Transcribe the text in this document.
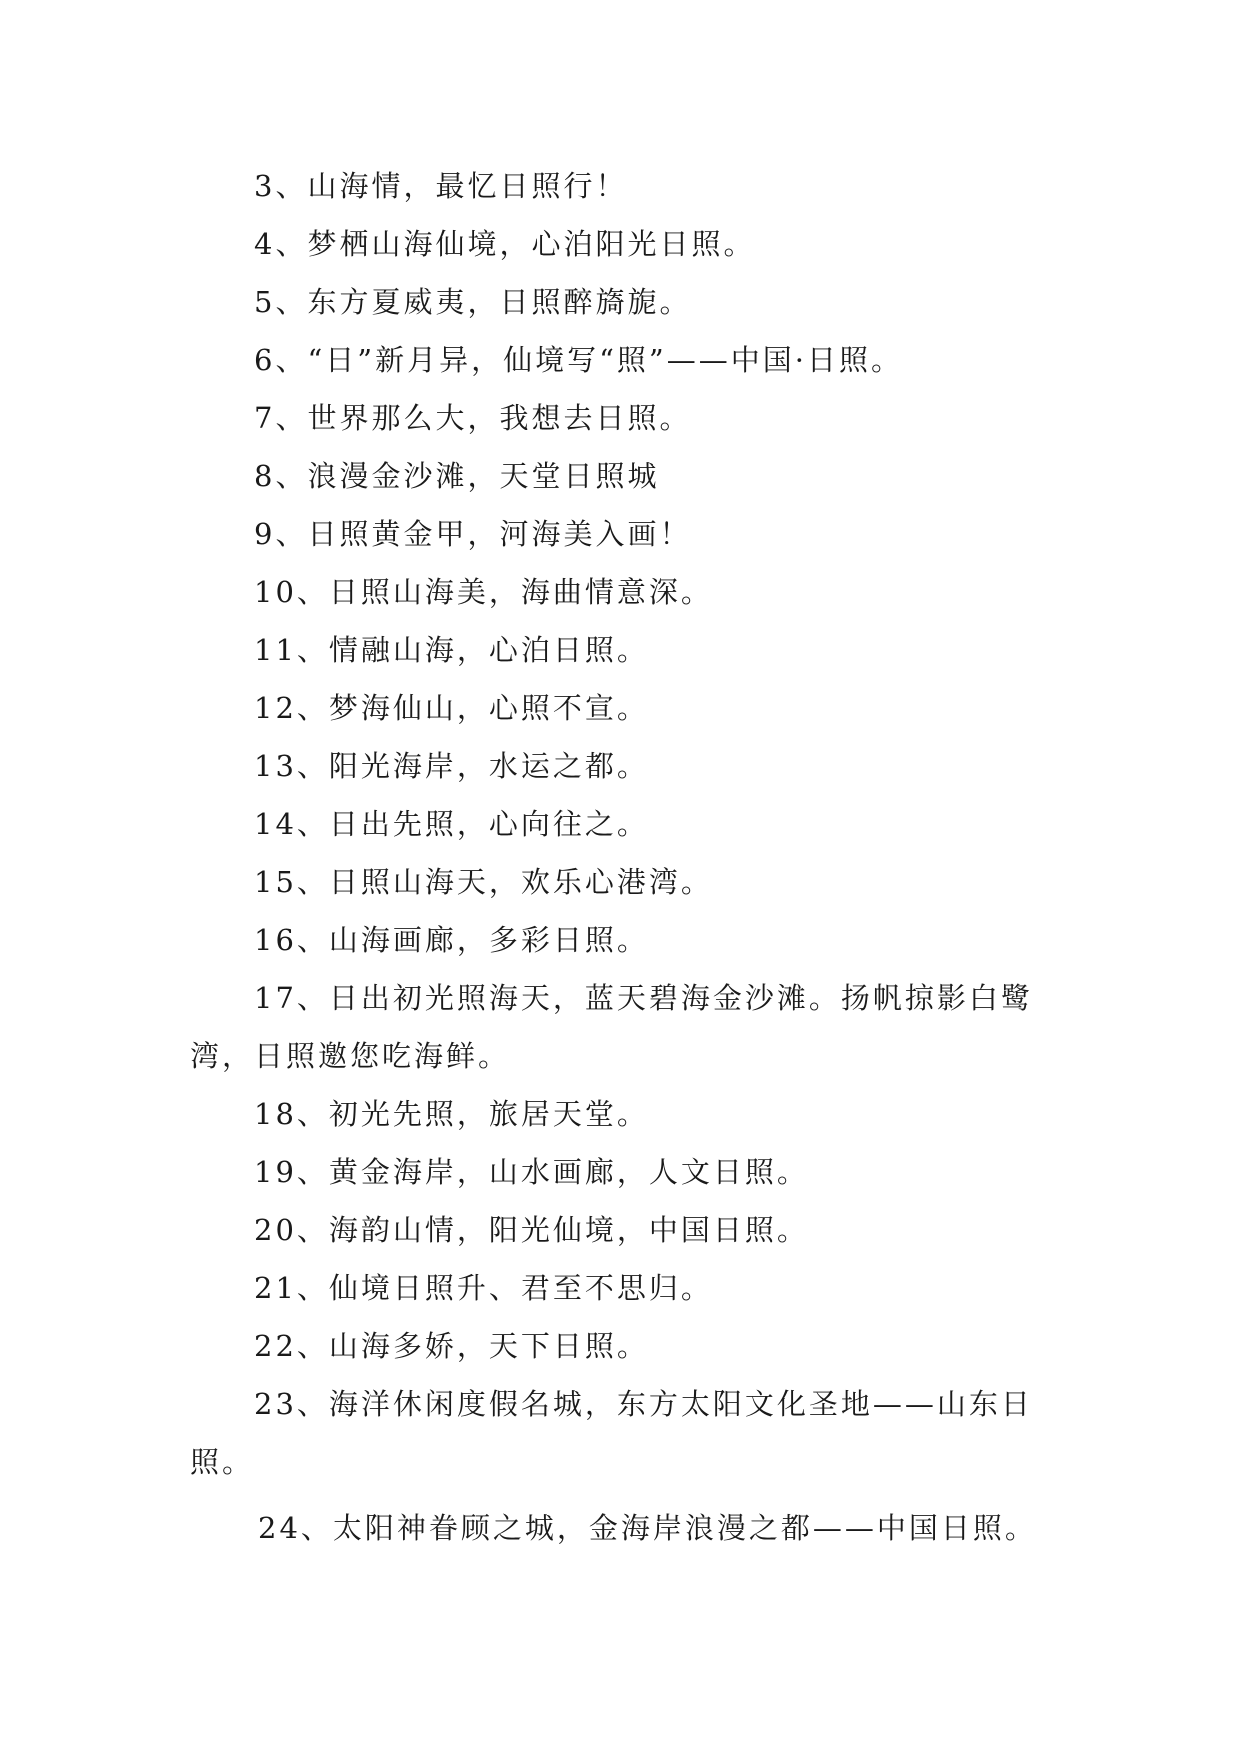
3、山海情，最忆日照行！

4、梦栖山海仙境，心泊阳光日照。

5、东方夏威夷，日照醉旖旎。

6、“日”新月异，仙境写“照”——中国·日照。

7、世界那么大，我想去日照。

8、浪漫金沙滩，天堂日照城

9、日照黄金甲，河海美入画！

10、日照山海美，海曲情意深。

11、情融山海，心泊日照。

12、梦海仙山，心照不宣。

13、阳光海岸，水运之都。

14、日出先照，心向往之。

15、日照山海天，欢乐心港湾。

16、山海画廊，多彩日照。

17、日出初光照海天，蓝天碧海金沙滩。扬帆掠影白鹭湾，日照邀您吃海鲜。

18、初光先照，旅居天堂。

19、黄金海岸，山水画廊，人文日照。

20、海韵山情，阳光仙境，中国日照。

21、仙境日照升、君至不思归。

22、山海多娇，天下日照。

23、海洋休闲度假名城，东方太阳文化圣地——山东日照。

24、太阳神眷顾之城，金海岸浪漫之都——中国日照。
